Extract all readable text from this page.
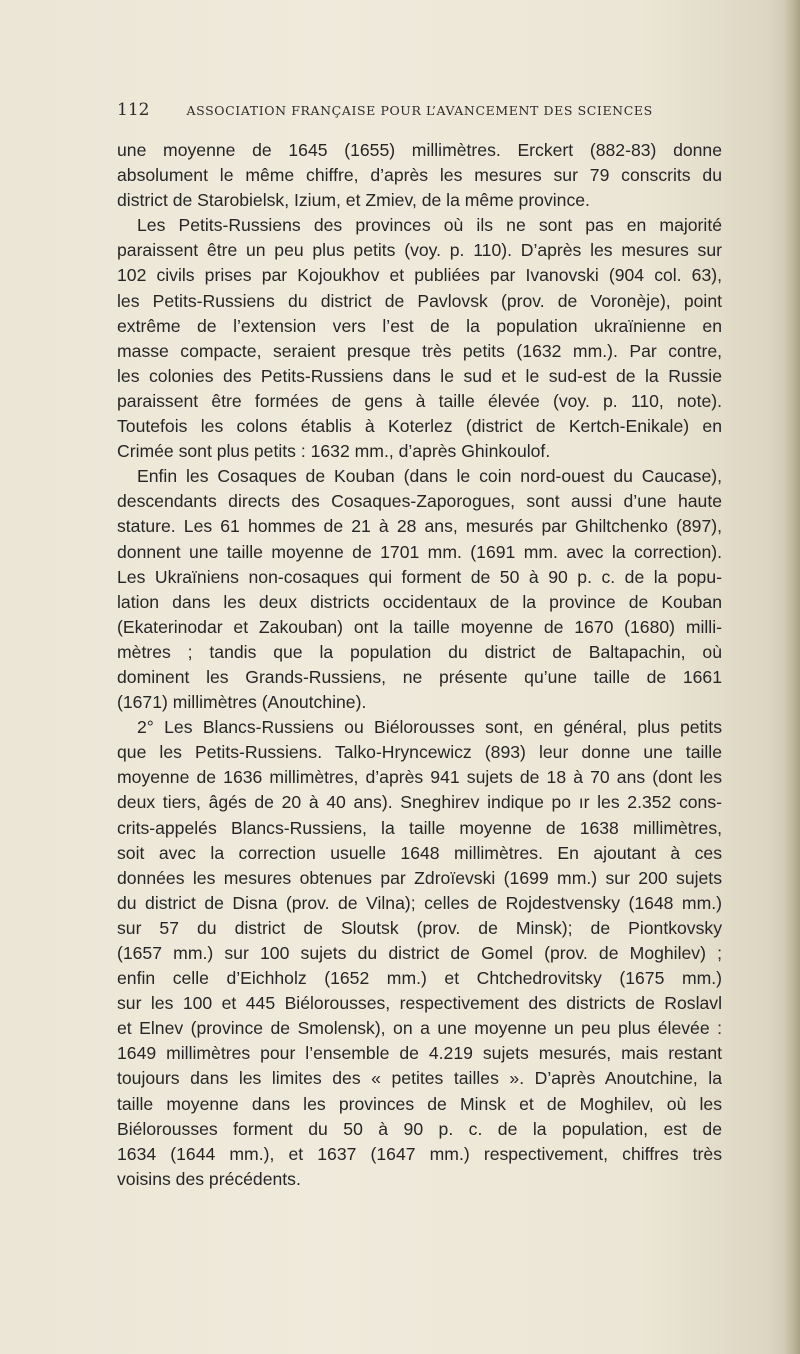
112	ASSOCIATION FRANÇAISE POUR L’AVANCEMENT DES SCIENCES
une moyenne de 1645 (1655) millimètres. Erckert (882-83) donne
absolument le même chiffre, d’après les mesures sur 79 conscrits du
district de Starobielsk, Izium, et Zmiev, de la même province.
Les Petits-Russiens des provinces où ils ne sont pas en majorité
paraissent être un peu plus petits (voy. p. 110). D’après les mesures sur
102 civils prises par Kojoukhov et publiées par Ivanovski (904 col. 63),
les Petits-Russiens du district de Pavlovsk (prov. de Voronèje), point
extrême de l’extension vers l’est de la population ukraïnienne en
masse compacte, seraient presque très petits (1632 mm.). Par contre,
les colonies des Petits-Russiens dans le sud et le sud-est de la Russie
paraissent être formées de gens à taille élevée (voy. p. 110, note).
Toutefois les colons établis à Koterlez (district de Kertch-Enikale) en
Crimée sont plus petits : 1632 mm., d’après Ghinkoulof.
Enfin les Cosaques de Kouban (dans le coin nord-ouest du Caucase),
descendants directs des Cosaques-Zaporogues, sont aussi d’une haute
stature. Les 61 hommes de 21 à 28 ans, mesurés par Ghiltchenko (897),
donnent une taille moyenne de 1701 mm. (1691 mm. avec la correction).
Les Ukraïniens non-cosaques qui forment de 50 à 90 p. c. de la popu-
lation dans les deux districts occidentaux de la province de Kouban
(Ekaterinodar et Zakouban) ont la taille moyenne de 1670 (1680) milli-
mètres ; tandis que la population du district de Baltapachin, où
dominent les Grands-Russiens, ne présente qu’une taille de 1661
(1671) millimètres (Anoutchine).
2° Les Blancs-Russiens ou Biélorousses sont, en général, plus petits
que les Petits-Russiens. Talko-Hryncewicz (893) leur donne une taille
moyenne de 1636 millimètres, d’après 941 sujets de 18 à 70 ans (dont les
deux tiers, âgés de 20 à 40 ans). Sneghirev indique po ır les 2.352 cons-
crits-appelés Blancs-Russiens, la taille moyenne de 1638 millimètres,
soit avec la correction usuelle 1648 millimètres. En ajoutant à ces
données les mesures obtenues par Zdroïevski (1699 mm.) sur 200 sujets
du district de Disna (prov. de Vilna); celles de Rojdestvensky (1648 mm.)
sur 57 du district de Sloutsk (prov. de Minsk); de Piontkovsky
(1657 mm.) sur 100 sujets du district de Gomel (prov. de Moghilev) ;
enfin celle d’Eichholz (1652 mm.) et Chtchedrovitsky (1675 mm.)
sur les 100 et 445 Biélorousses, respectivement des districts de Roslavl
et Elnev (province de Smolensk), on a une moyenne un peu plus élevée :
1649 millimètres pour l’ensemble de 4.219 sujets mesurés, mais restant
toujours dans les limites des « petites tailles ». D’après Anoutchine, la
taille moyenne dans les provinces de Minsk et de Moghilev, où les
Biélorousses forment du 50 à 90 p. c. de la population, est de
1634 (1644 mm.), et 1637 (1647 mm.) respectivement, chiffres très
voisins des précédents.
